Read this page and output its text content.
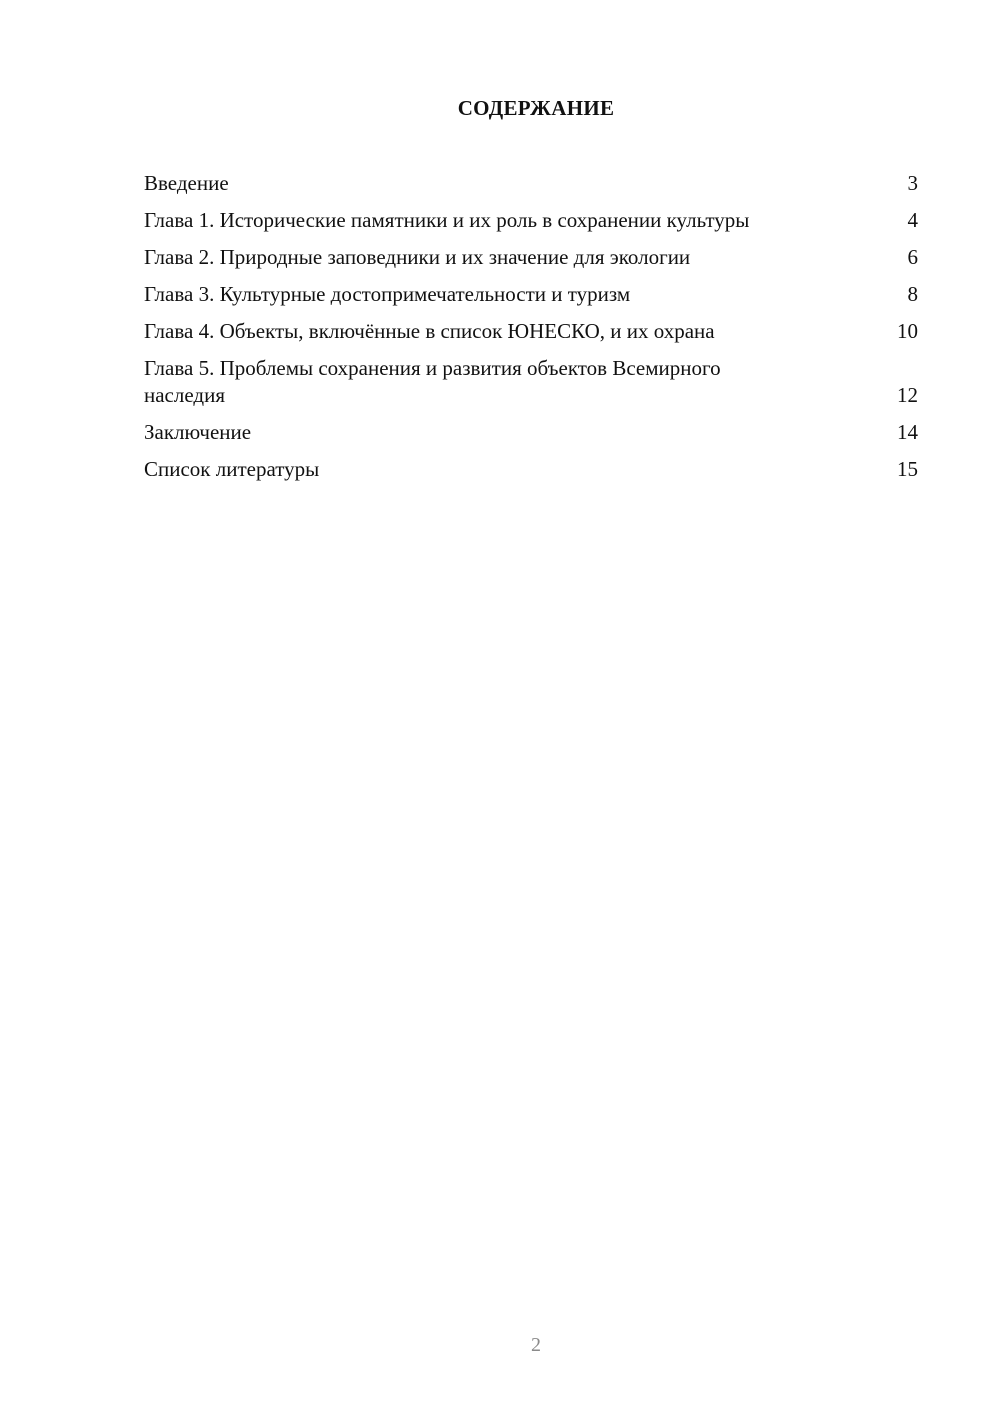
СОДЕРЖАНИЕ
Введение	3
Глава 1. Исторические памятники и их роль в сохранении культуры	4
Глава 2. Природные заповедники и их значение для экологии	6
Глава 3. Культурные достопримечательности и туризм	8
Глава 4. Объекты, включённые в список ЮНЕСКО, и их охрана	10
Глава 5. Проблемы сохранения и развития объектов Всемирного наследия	12
Заключение	14
Список литературы	15
2
